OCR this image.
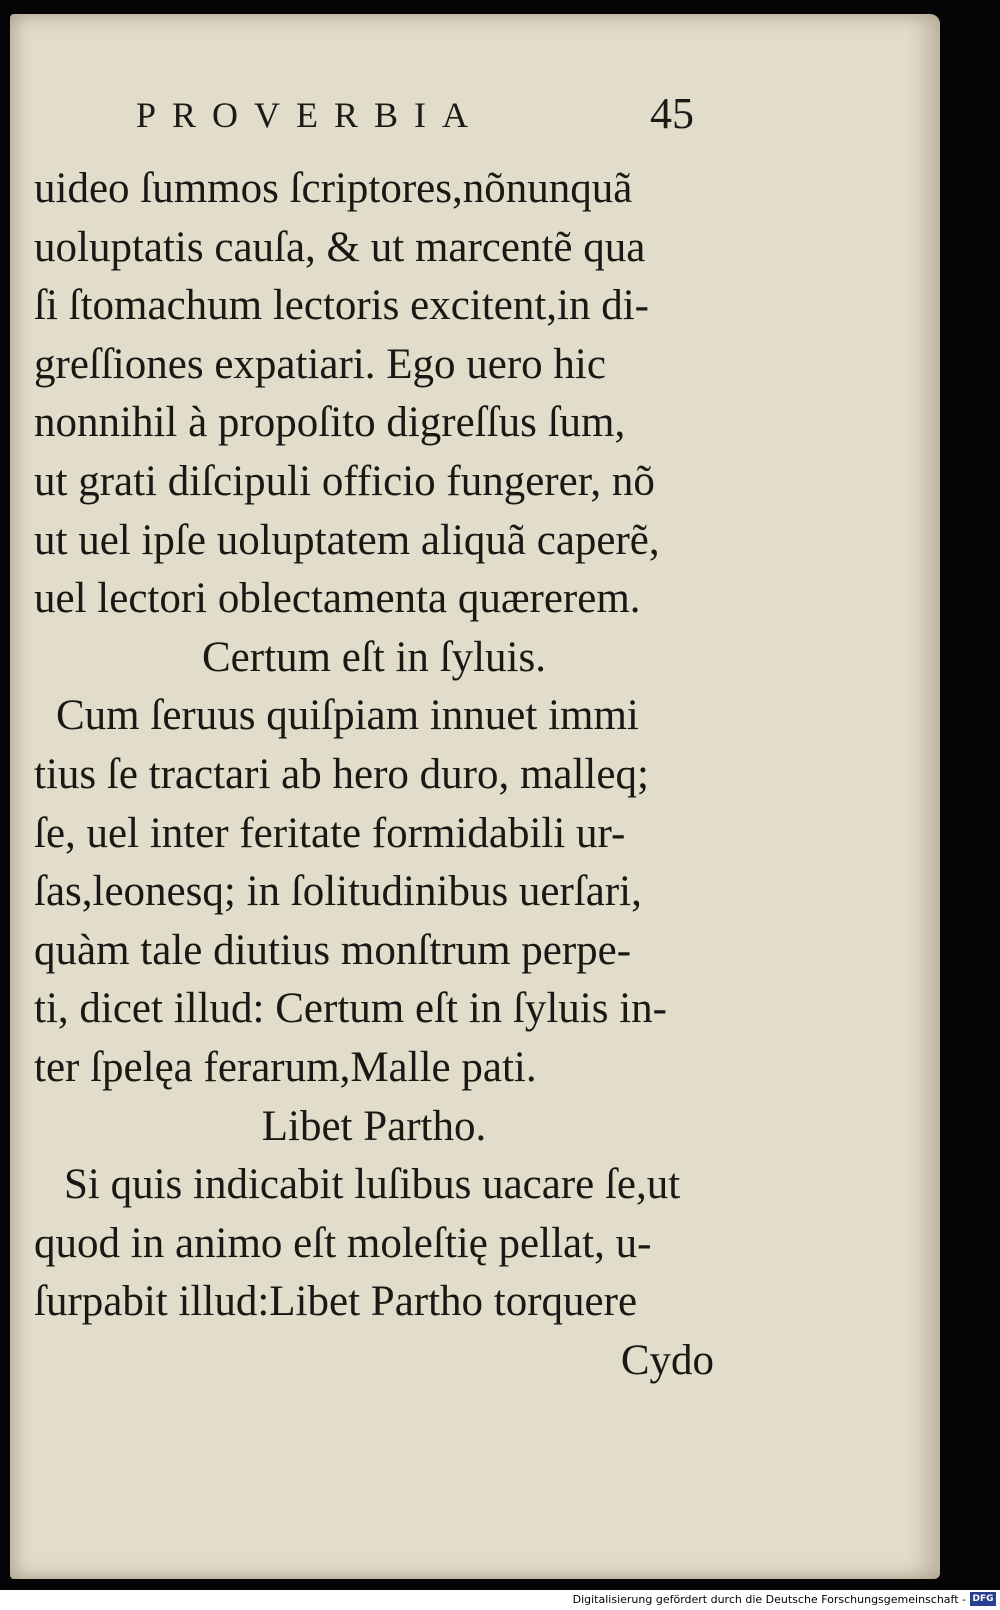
PROVERBIA	45
uideo ſummos ſcriptores,nõnunquã
uoluptatis cauſa, & ut marcentẽ qua
ſi ſtomachum lectoris excitent,in di-
greſſiones expatiari. Ego uero hic
nonnihil à propoſito digreſſus ſum,
ut grati diſcipuli officio fungerer, nõ
ut uel ipſe uoluptatem aliquã caperẽ,
uel lectori oblectamenta quærerem.
Certum eſt in ſyluis.
Cum ſeruus quiſpiam innuet immi
tius ſe tractari ab hero duro, malleq;
ſe, uel inter feritate formidabili ur-
ſas,leonesq; in ſolitudinibus uerſari,
quàm tale diutius monſtrum perpe-
ti, dicet illud: Certum eſt in ſyluis in-
ter ſpelęa ferarum,Malle pati.
Libet Partho.
Si quis indicabit luſibus uacare ſe,ut
quod in animo eſt moleſtię pellat, u-
ſurpabit illud:Libet Partho torquere
Cydo
Digitalisierung gefördert durch die Deutsche Forschungsgemeinschaft - DFG
